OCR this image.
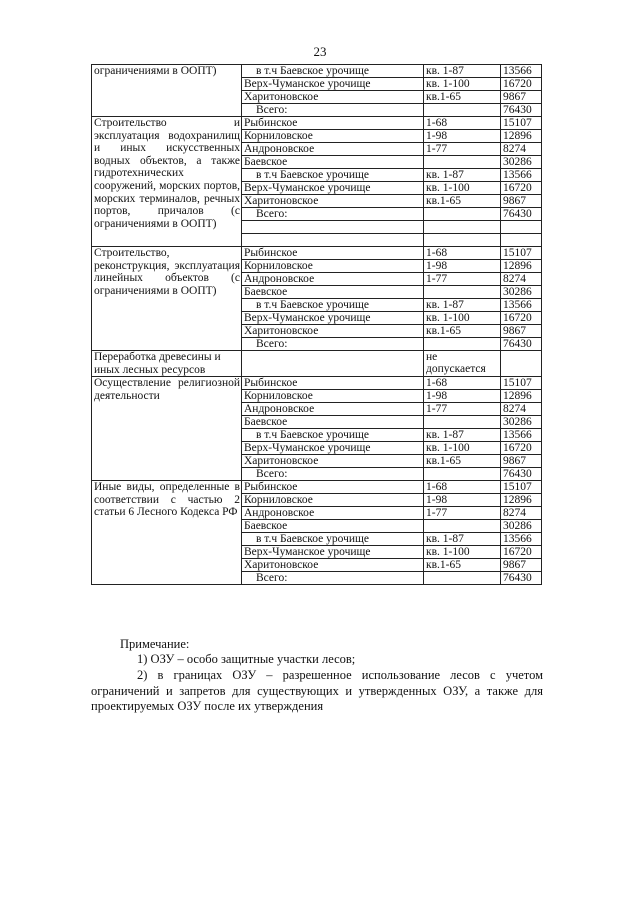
23
ограничениями в ООПТ)	в т.ч Баевское урочище	кв. 1-87	13566
	Верх-Чуманское урочище	кв. 1-100	16720
	Харитоновское	кв.1-65	9867
	Всего:		76430
Строительство и эксплуатация водохранилищ и иных искусственных водных объектов, а также гидротехнических сооружений, морских портов, морских терминалов, речных портов, причалов (с ограничениями в ООПТ)	Рыбинское	1-68	15107
	Корниловское	1-98	12896
	Андроновское	1-77	8274
	Баевское		30286
	в т.ч Баевское урочище	кв. 1-87	13566
	Верх-Чуманское урочище	кв. 1-100	16720
	Харитоновское	кв.1-65	9867
	Всего:		76430

Строительство, реконструкция, эксплуатация линейных объектов (с ограничениями в ООПТ)	Рыбинское	1-68	15107
	Корниловское	1-98	12896
	Андроновское	1-77	8274
	Баевское		30286
	в т.ч Баевское урочище	кв. 1-87	13566
	Верх-Чуманское урочище	кв. 1-100	16720
	Харитоновское	кв.1-65	9867
	Всего:		76430
Переработка древесины и иных лесных ресурсов		не допускается	
Осуществление религиозной деятельности	Рыбинское	1-68	15107
	Корниловское	1-98	12896
	Андроновское	1-77	8274
	Баевское		30286
	в т.ч Баевское урочище	кв. 1-87	13566
	Верх-Чуманское урочище	кв. 1-100	16720
	Харитоновское	кв.1-65	9867
	Всего:		76430
Иные виды, определенные в соответствии с частью 2 статьи 6 Лесного Кодекса РФ	Рыбинское	1-68	15107
	Корниловское	1-98	12896
	Андроновское	1-77	8274
	Баевское		30286
	в т.ч Баевское урочище	кв. 1-87	13566
	Верх-Чуманское урочище	кв. 1-100	16720
	Харитоновское	кв.1-65	9867
	Всего:		76430
Примечание:
1) ОЗУ – особо защитные участки лесов;
2) в границах ОЗУ – разрешенное использование лесов с учетом ограничений и запретов для существующих и утвержденных ОЗУ, а также для проектируемых ОЗУ после их утверждения
